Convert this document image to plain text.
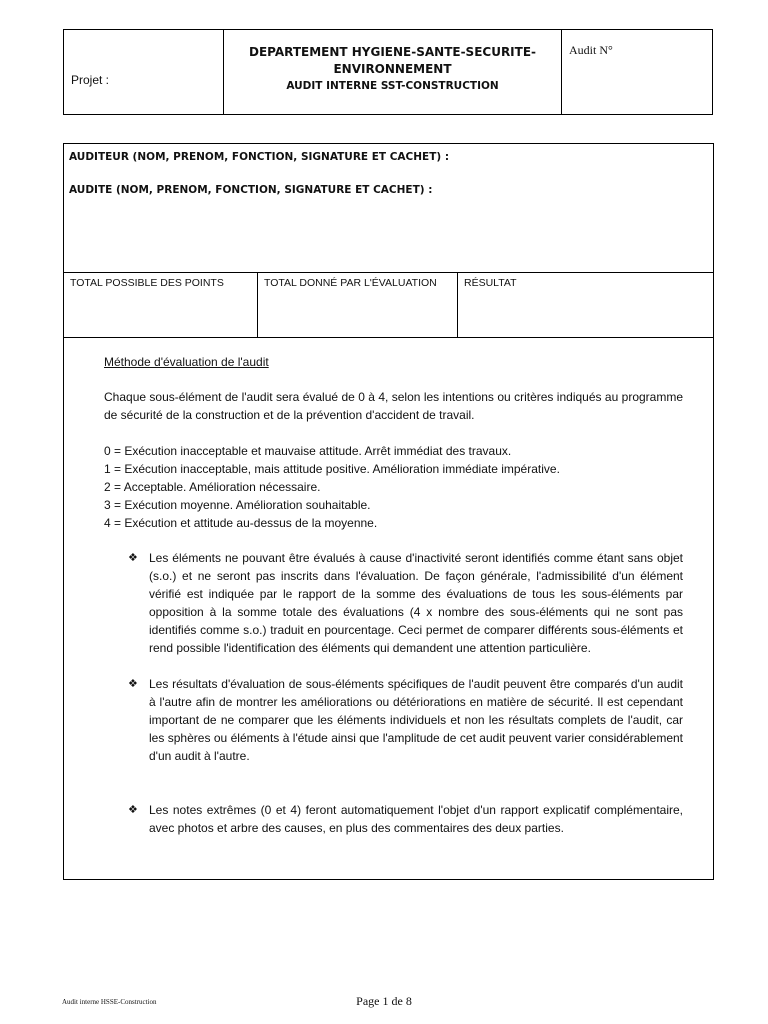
Projet :
DEPARTEMENT HYGIENE-SANTE-SECURITE-
ENVIRONNEMENT
AUDIT INTERNE SST-CONSTRUCTION
Audit N°
AUDITEUR (NOM, PRENOM, FONCTION, SIGNATURE ET CACHET) :
AUDITE (NOM, PRENOM, FONCTION, SIGNATURE ET CACHET) :
TOTAL POSSIBLE DES POINTS	TOTAL DONNÉ PAR L'ÉVALUATION	RÉSULTAT
Méthode d'évaluation de l'audit
Chaque sous-élément de l'audit sera évalué de 0 à 4, selon les intentions ou critères indiqués au programme de sécurité de la construction et de la prévention d'accident de travail.
0 = Exécution inacceptable et mauvaise attitude. Arrêt immédiat des travaux.
1 = Exécution inacceptable, mais attitude positive. Amélioration immédiate impérative.
2 = Acceptable. Amélioration nécessaire.
3 = Exécution moyenne. Amélioration souhaitable.
4 = Exécution et attitude au-dessus de la moyenne.
❖ Les éléments ne pouvant être évalués à cause d'inactivité seront identifiés comme étant sans objet (s.o.) et ne seront pas inscrits dans l'évaluation. De façon générale, l'admissibilité d'un élément vérifié est indiquée par le rapport de la somme des évaluations de tous les sous-éléments par opposition à la somme totale des évaluations (4 x nombre des sous-éléments qui ne sont pas identifiés comme s.o.) traduit en pourcentage. Ceci permet de comparer différents sous-éléments et rend possible l'identification des éléments qui demandent une attention particulière.
❖ Les résultats d'évaluation de sous-éléments spécifiques de l'audit peuvent être comparés d'un audit à l'autre afin de montrer les améliorations ou détériorations en matière de sécurité. Il est cependant important de ne comparer que les éléments individuels et non les résultats complets de l'audit, car les sphères ou éléments à l'étude ainsi que l'amplitude de cet audit peuvent varier considérablement d'un audit à l'autre.
❖ Les notes extrêmes (0 et 4) feront automatiquement l'objet d'un rapport explicatif complémentaire, avec photos et arbre des causes, en plus des commentaires des deux parties.
Audit interne HSSE-Construction	Page 1 de 8
